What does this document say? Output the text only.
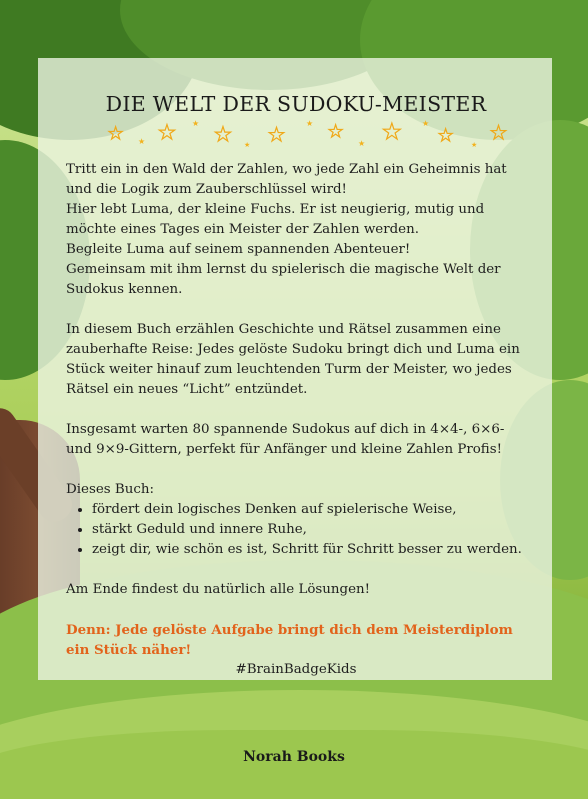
DIE WELT DER SUDOKU-MEISTER
★ ★ ★ ★ ★ ★ ★
★ ★
★ ★	★
★	★
★

Tritt ein in den Wald der Zahlen, wo jede Zahl ein Geheimnis hat und die Logik zum Zauberschlüssel wird!

Hier lebt Luma, der kleine Fuchs. Er ist neugierig, mutig und möchte eines Tages ein Meister der Zahlen werden.

Begleite Luma auf seinem spannenden Abenteuer!

Gemeinsam mit ihm lernst du spielerisch die magische Welt der Sudokus kennen.

In diesem Buch erzählen Geschichte und Rätsel zusammen eine zauberhafte Reise: Jedes gelöste Sudoku bringt dich und Luma ein Stück weiter hinauf zum leuchtenden Turm der Meister, wo jedes Rätsel ein neues “Licht” entzündet.

Insgesamt warten 80 spannende Sudokus auf dich in 4×4-, 6×6- und 9×9-Gittern, perfekt für Anfänger und kleine Zahlen Profis!

Dieses Buch:

• fördert dein logisches Denken auf spielerische Weise,
• stärkt Geduld und innere Ruhe,
• zeigt dir, wie schön es ist, Schritt für Schritt besser zu werden.

Am Ende findest du natürlich alle Lösungen!

Denn: Jede gelöste Aufgabe bringt dich dem Meisterdiplom ein Stück näher!

#BrainBadgeKids

Norah Books
